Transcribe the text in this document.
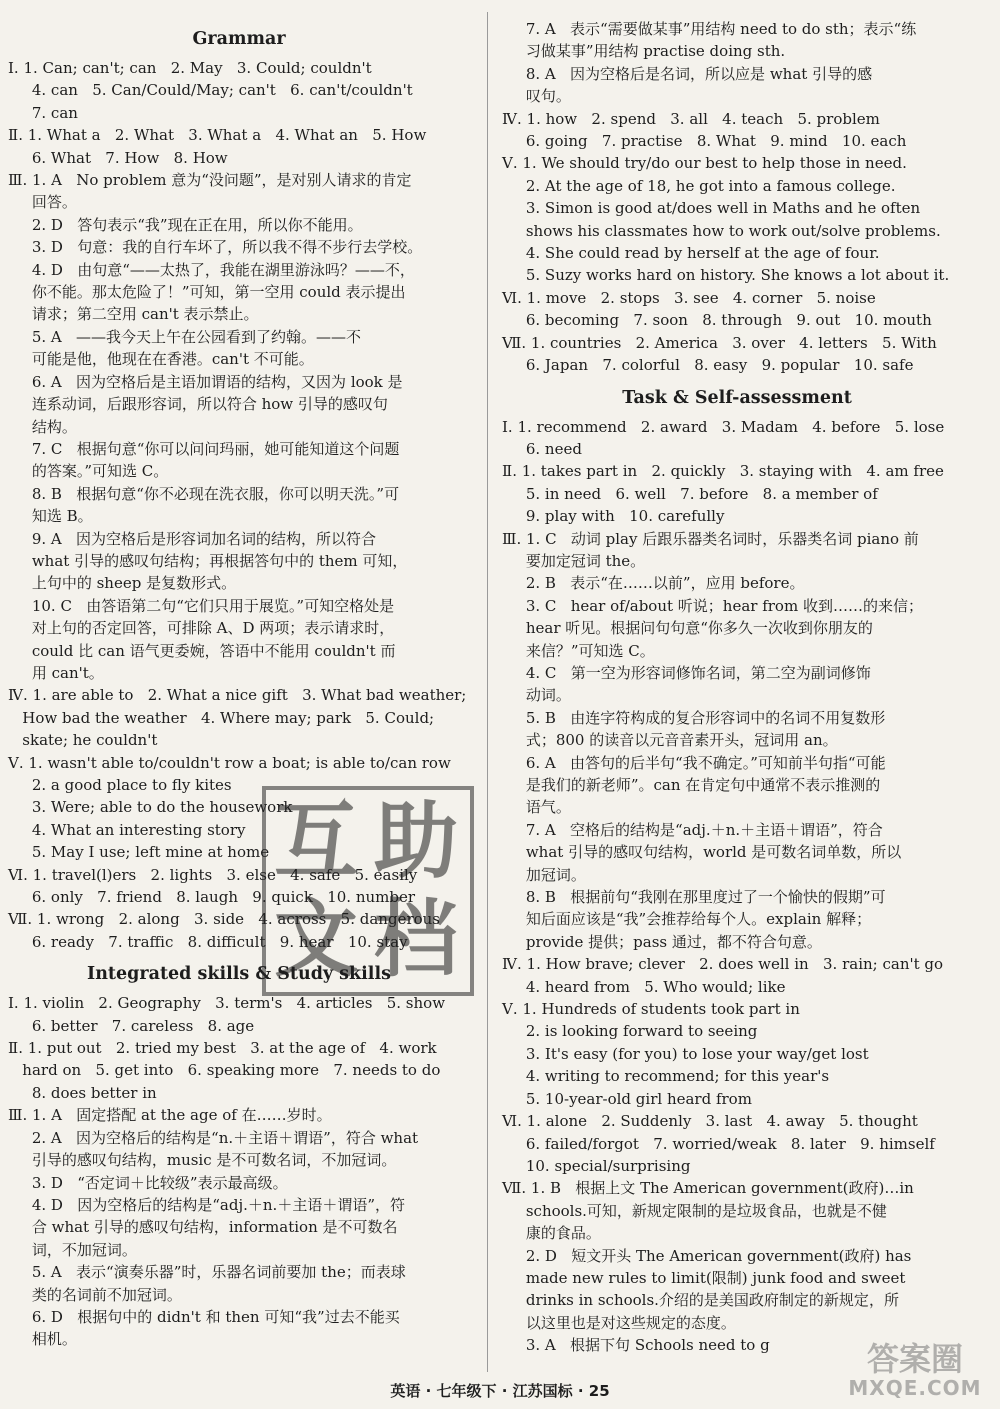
Grammar
Ⅰ. 1. Can; can't; can   2. May   3. Could; couldn't
4. can   5. Can/Could/May; can't   6. can't/couldn't
7. can
Ⅱ. 1. What a   2. What   3. What a   4. What an   5. How
6. What   7. How   8. How
Ⅲ. 1. A   No problem 意为“没问题”，是对别人请求的肯定
回答。
2. D   答句表示“我”现在正在用，所以你不能用。
3. D   句意：我的自行车坏了，所以我不得不步行去学校。
4. D   由句意“——太热了，我能在湖里游泳吗？——不，
你不能。那太危险了！”可知，第一空用 could 表示提出
请求；第二空用 can't 表示禁止。
5. A   ——我今天上午在公园看到了约翰。——不
可能是他，他现在在香港。can't 不可能。
6. A   因为空格后是主语加谓语的结构，又因为 look 是
连系动词，后跟形容词，所以符合 how 引导的感叹句
结构。
7. C   根据句意“你可以问问玛丽，她可能知道这个问题
的答案。”可知选 C。
8. B   根据句意“你不必现在洗衣服，你可以明天洗。”可
知选 B。
9. A   因为空格后是形容词加名词的结构，所以符合
what 引导的感叹句结构；再根据答句中的 them 可知，
上句中的 sheep 是复数形式。
10. C   由答语第二句“它们只用于展览。”可知空格处是
对上句的否定回答，可排除 A、D 两项；表示请求时，
could 比 can 语气更委婉，答语中不能用 couldn't 而
用 can't。
Ⅳ. 1. are able to   2. What a nice gift   3. What bad weather;
How bad the weather   4. Where may; park   5. Could;
skate; he couldn't
Ⅴ. 1. wasn't able to/couldn't row a boat; is able to/can row
2. a good place to fly kites
3. Were; able to do the housework
4. What an interesting story
5. May I use; left mine at home
Ⅵ. 1. travel(l)ers   2. lights   3. else   4. safe   5. easily
6. only   7. friend   8. laugh   9. quick   10. number
Ⅶ. 1. wrong   2. along   3. side   4. across   5. dangerous
6. ready   7. traffic   8. difficult   9. hear   10. stay
Integrated skills & Study skills
Ⅰ. 1. violin   2. Geography   3. term's   4. articles   5. show
6. better   7. careless   8. age
Ⅱ. 1. put out   2. tried my best   3. at the age of   4. work
hard on   5. get into   6. speaking more   7. needs to do
8. does better in
Ⅲ. 1. A   固定搭配 at the age of 在……岁时。
2. A   因为空格后的结构是“n.＋主语＋谓语”，符合 what
引导的感叹句结构，music 是不可数名词，不加冠词。
3. D   “否定词＋比较级”表示最高级。
4. D   因为空格后的结构是“adj.＋n.＋主语＋谓语”，符
合 what 引导的感叹句结构，information 是不可数名
词，不加冠词。
5. A   表示“演奏乐器”时，乐器名词前要加 the；而表球
类的名词前不加冠词。
6. D   根据句中的 didn't 和 then 可知“我”过去不能买
相机。
7. A   表示“需要做某事”用结构 need to do sth；表示“练
习做某事”用结构 practise doing sth.
8. A   因为空格后是名词，所以应是 what 引导的感
叹句。
Ⅳ. 1. how   2. spend   3. all   4. teach   5. problem
6. going   7. practise   8. What   9. mind   10. each
Ⅴ. 1. We should try/do our best to help those in need.
2. At the age of 18, he got into a famous college.
3. Simon is good at/does well in Maths and he often
shows his classmates how to work out/solve problems.
4. She could read by herself at the age of four.
5. Suzy works hard on history. She knows a lot about it.
Ⅵ. 1. move   2. stops   3. see   4. corner   5. noise
6. becoming   7. soon   8. through   9. out   10. mouth
Ⅶ. 1. countries   2. America   3. over   4. letters   5. With
6. Japan   7. colorful   8. easy   9. popular   10. safe
Task & Self-assessment
Ⅰ. 1. recommend   2. award   3. Madam   4. before   5. lose
6. need
Ⅱ. 1. takes part in   2. quickly   3. staying with   4. am free
5. in need   6. well   7. before   8. a member of
9. play with   10. carefully
Ⅲ. 1. C   动词 play 后跟乐器类名词时，乐器类名词 piano 前
要加定冠词 the。
2. B   表示“在……以前”，应用 before。
3. C   hear of/about 听说；hear from 收到……的来信；
hear 听见。根据问句句意“你多久一次收到你朋友的
来信？”可知选 C。
4. C   第一空为形容词修饰名词，第二空为副词修饰
动词。
5. B   由连字符构成的复合形容词中的名词不用复数形
式；800 的读音以元音音素开头，冠词用 an。
6. A   由答句的后半句“我不确定。”可知前半句指“可能
是我们的新老师”。can 在肯定句中通常不表示推测的
语气。
7. A   空格后的结构是“adj.＋n.＋主语＋谓语”，符合
what 引导的感叹句结构，world 是可数名词单数，所以
加冠词。
8. B   根据前句“我刚在那里度过了一个愉快的假期”可
知后面应该是“我”会推荐给每个人。explain 解释；
provide 提供；pass 通过，都不符合句意。
Ⅳ. 1. How brave; clever   2. does well in   3. rain; can't go
4. heard from   5. Who would; like
Ⅴ. 1. Hundreds of students took part in
2. is looking forward to seeing
3. It's easy (for you) to lose your way/get lost
4. writing to recommend; for this year's
5. 10-year-old girl heard from
Ⅵ. 1. alone   2. Suddenly   3. last   4. away   5. thought
6. failed/forgot   7. worried/weak   8. later   9. himself
10. special/surprising
Ⅶ. 1. B   根据上文 The American government(政府)…in
schools.可知，新规定限制的是垃圾食品，也就是不健
康的食品。
2. D   短文开头 The American government(政府) has
made new rules to limit(限制) junk food and sweet
drinks in schools.介绍的是美国政府制定的新规定，所
以这里也是对这些规定的态度。
3. A   根据下句 Schools need to g
互 助
文 档
英语 · 七年级下 · 江苏国标 · 25
答案圈
MXQE.COM
